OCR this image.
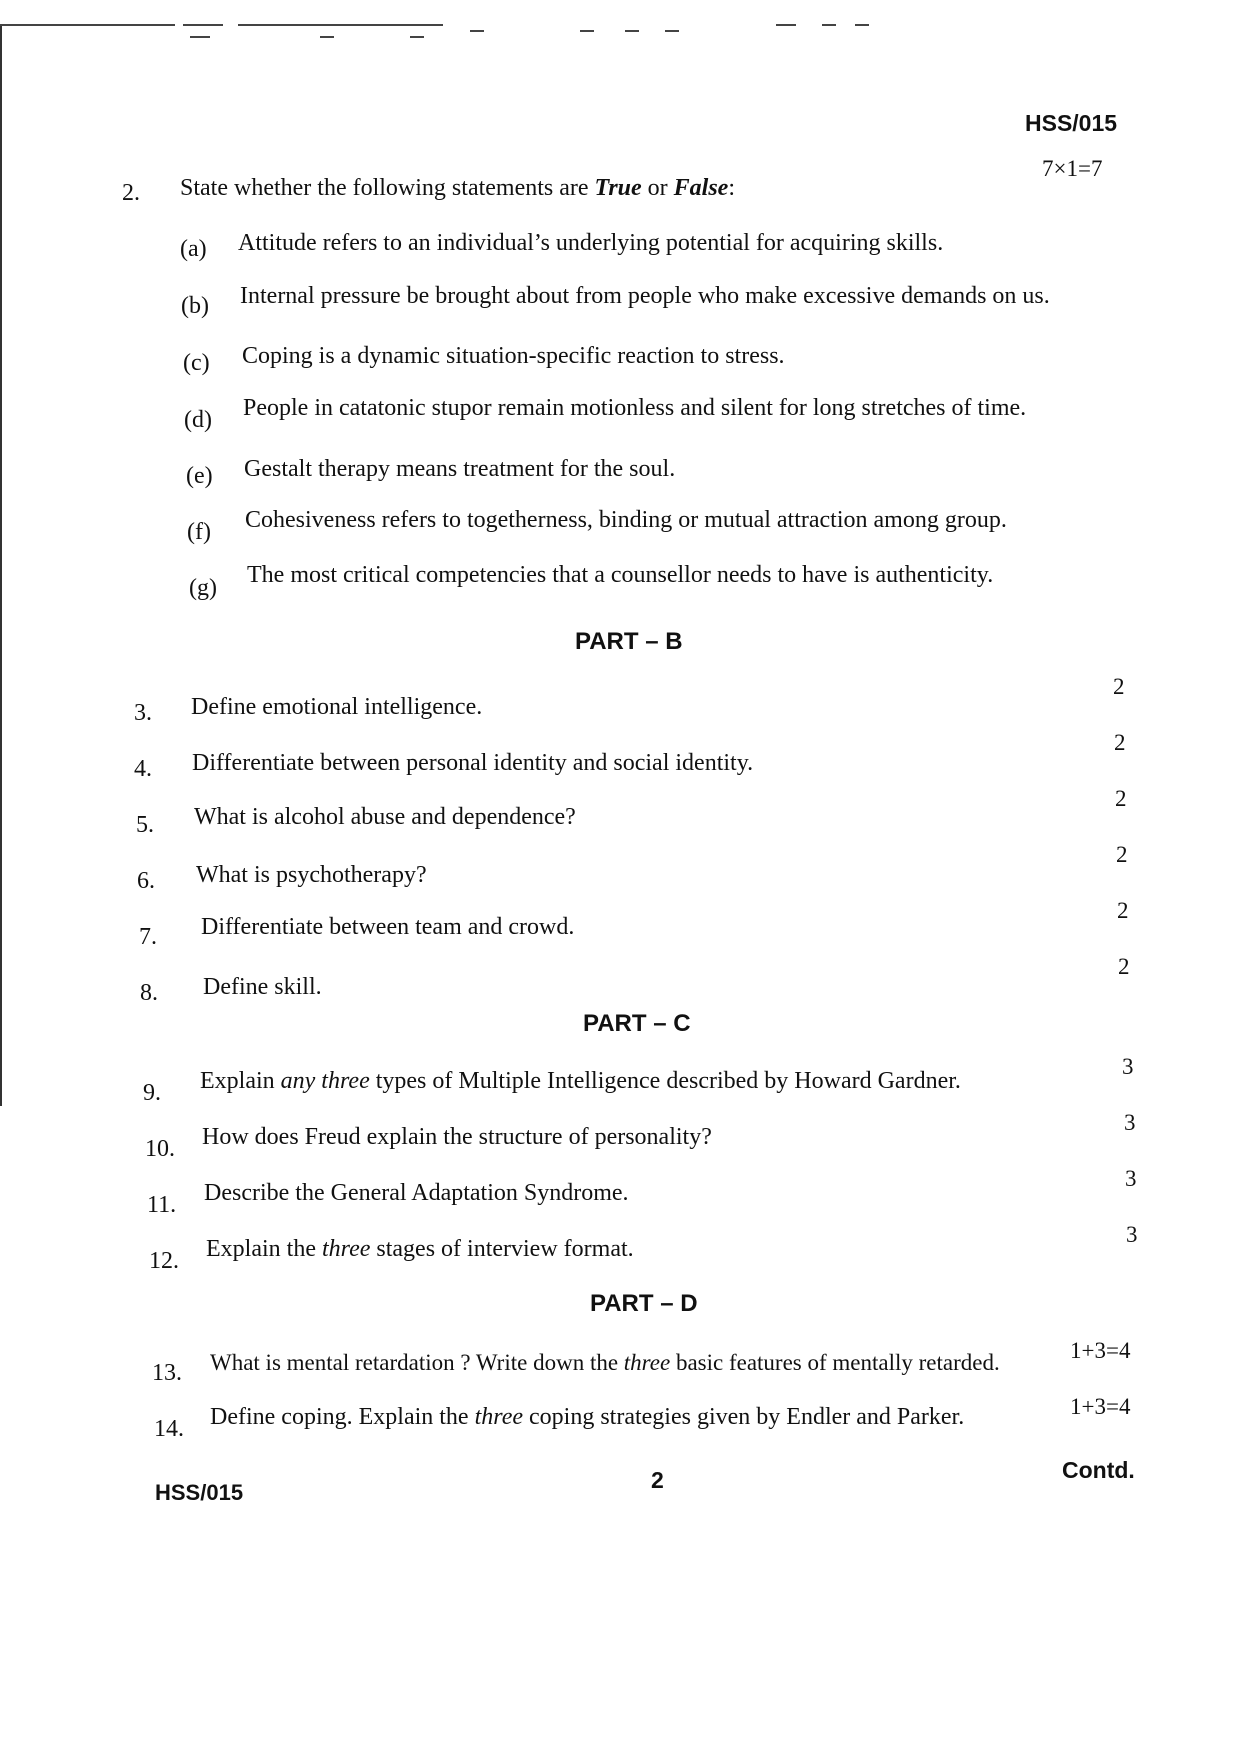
HSS/015
2. State whether the following statements are True or False:
7×1=7
(a) Attitude refers to an individual’s underlying potential for acquiring skills.
(b) Internal pressure be brought about from people who make excessive demands on us.
(c) Coping is a dynamic situation-specific reaction to stress.
(d) People in catatonic stupor remain motionless and silent for long stretches of time.
(e) Gestalt therapy means treatment for the soul.
(f) Cohesiveness refers to togetherness, binding or mutual attraction among group.
(g) The most critical competencies that a counsellor needs to have is authenticity.
PART – B
3. Define emotional intelligence.
2
4. Differentiate between personal identity and social identity.
2
5. What is alcohol abuse and dependence?
2
6. What is psychotherapy?
2
7. Differentiate between team and crowd.
2
8. Define skill.
2
PART – C
9. Explain any three types of Multiple Intelligence described by Howard Gardner.
3
10. How does Freud explain the structure of personality?
3
11. Describe the General Adaptation Syndrome.
3
12. Explain the three stages of interview format.
3
PART – D
13. What is mental retardation ? Write down the three basic features of mentally retarded.	1+3=4
14. Define coping. Explain the three coping strategies given by Endler and Parker.	1+3=4
HSS/015	2	Contd.
